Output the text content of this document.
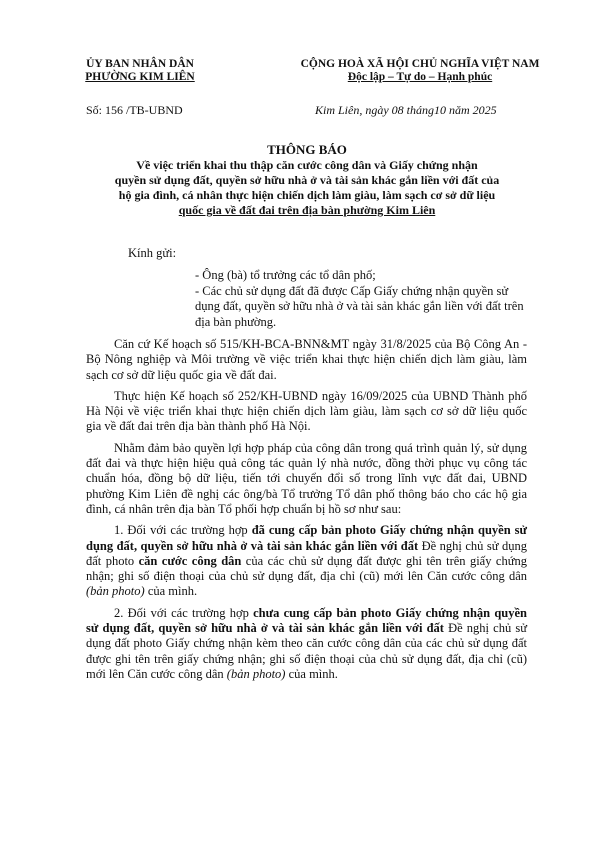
ỦY BAN NHÂN DÂN
PHƯỜNG KIM LIÊN
CỘNG HOÀ XÃ HỘI CHỦ NGHĨA VIỆT NAM
Độc lập – Tự do – Hạnh phúc
Số: 156 /TB-UBND	Kim Liên, ngày 08 tháng10 năm 2025
THÔNG BÁO
Về việc triển khai thu thập căn cước công dân và Giấy chứng nhận
quyền sử dụng đất, quyền sở hữu nhà ở và tài sản khác gắn liền với đất của
hộ gia đình, cá nhân thực hiện chiến dịch làm giàu, làm sạch cơ sở dữ liệu
quốc gia về đất đai trên địa bàn phường Kim Liên
Kính gửi:
- Ông (bà) tổ trưởng các tổ dân phố;
- Các chủ sử dụng đất đã được Cấp Giấy chứng nhận quyền sử dụng đất, quyền sở hữu nhà ở và tài sản khác gắn liền với đất trên địa bàn phường.

Căn cứ Kế hoạch số 515/KH-BCA-BNN&MT ngày 31/8/2025 của Bộ Công An - Bộ Nông nghiệp và Môi trường về việc triển khai thực hiện chiến dịch làm giàu, làm sạch cơ sở dữ liệu quốc gia về đất đai.

Thực hiện Kế hoạch số 252/KH-UBND ngày 16/09/2025 của UBND Thành phố Hà Nội về việc triển khai thực hiện chiến dịch làm giàu, làm sạch cơ sở dữ liệu quốc gia về đất đai trên địa bàn thành phố Hà Nội.

Nhằm đảm bảo quyền lợi hợp pháp của công dân trong quá trình quản lý, sử dụng đất đai và thực hiện hiệu quả công tác quản lý nhà nước, đồng thời phục vụ công tác chuẩn hóa, đồng bộ dữ liệu, tiến tới chuyển đổi số trong lĩnh vực đất đai, UBND phường Kim Liên đề nghị các ông/bà Tổ trưởng Tổ dân phố thông báo cho các hộ gia đình, cá nhân trên địa bàn Tổ phối hợp chuẩn bị hồ sơ như sau:

1. Đối với các trường hợp đã cung cấp bản photo Giấy chứng nhận quyền sử dụng đất, quyền sở hữu nhà ở và tài sản khác gắn liền với đất Đề nghị chủ sử dụng đất photo căn cước công dân của các chủ sử dụng đất được ghi tên trên giấy chứng nhận; ghi số điện thoại của chủ sử dụng đất, địa chỉ (cũ) mới lên Căn cước công dân (bản photo) của mình.

2. Đối với các trường hợp chưa cung cấp bản photo Giấy chứng nhận quyền sử dụng đất, quyền sở hữu nhà ở và tài sản khác gắn liền với đất Đề nghị chủ sử dụng đất photo Giấy chứng nhận kèm theo căn cước công dân của các chủ sử dụng đất được ghi tên trên giấy chứng nhận; ghi số điện thoại của chủ sử dụng đất, địa chỉ (cũ) mới lên Căn cước công dân (bản photo) của mình.
